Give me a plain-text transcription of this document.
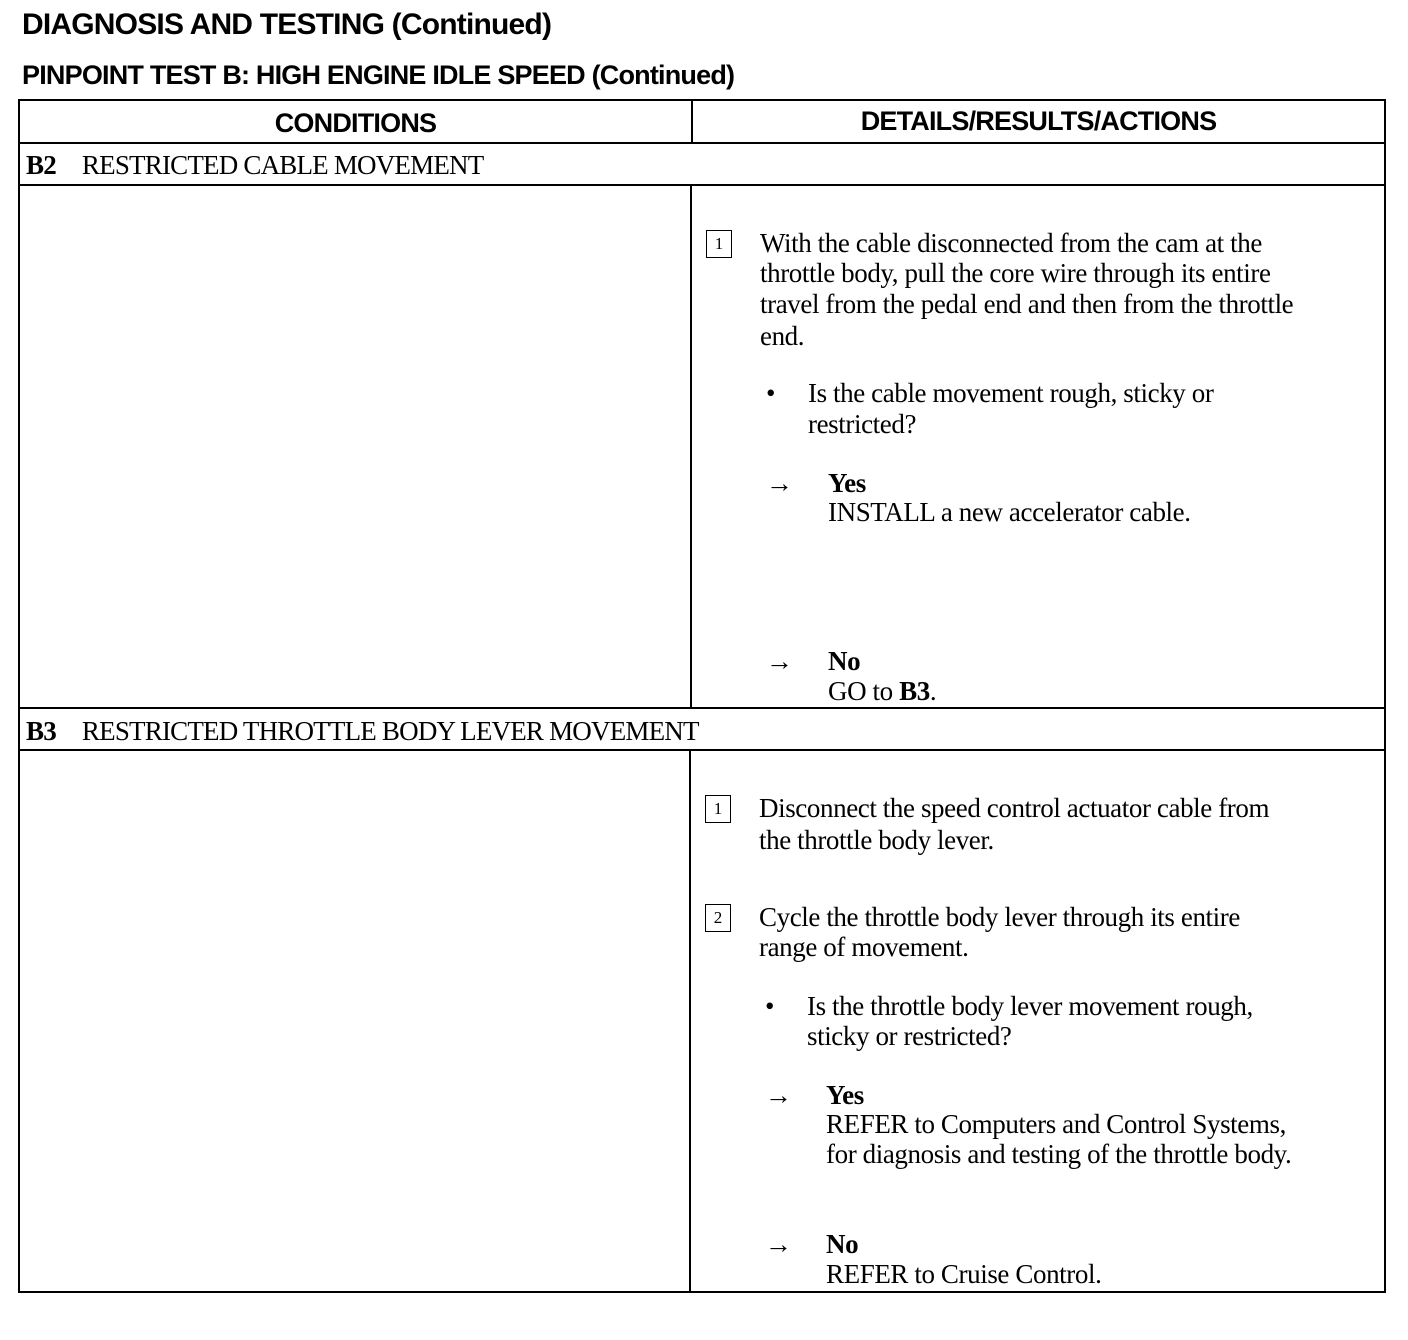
DIAGNOSIS AND TESTING (Continued)
PINPOINT TEST B: HIGH ENGINE IDLE SPEED (Continued)
CONDITIONS	DETAILS/RESULTS/ACTIONS
B2 RESTRICTED CABLE MOVEMENT
1	With the cable disconnected from the cam at the
throttle body, pull the core wire through its entire
travel from the pedal end and then from the throttle
end.
• Is the cable movement rough, sticky or
restricted?
→ Yes
INSTALL a new accelerator cable.
→ No
GO to B3.
B3 RESTRICTED THROTTLE BODY LEVER MOVEMENT
1	Disconnect the speed control actuator cable from
the throttle body lever.
2	Cycle the throttle body lever through its entire
range of movement.
• Is the throttle body lever movement rough,
sticky or restricted?
→ Yes
REFER to Computers and Control Systems,
for diagnosis and testing of the throttle body.
→ No
REFER to Cruise Control.
